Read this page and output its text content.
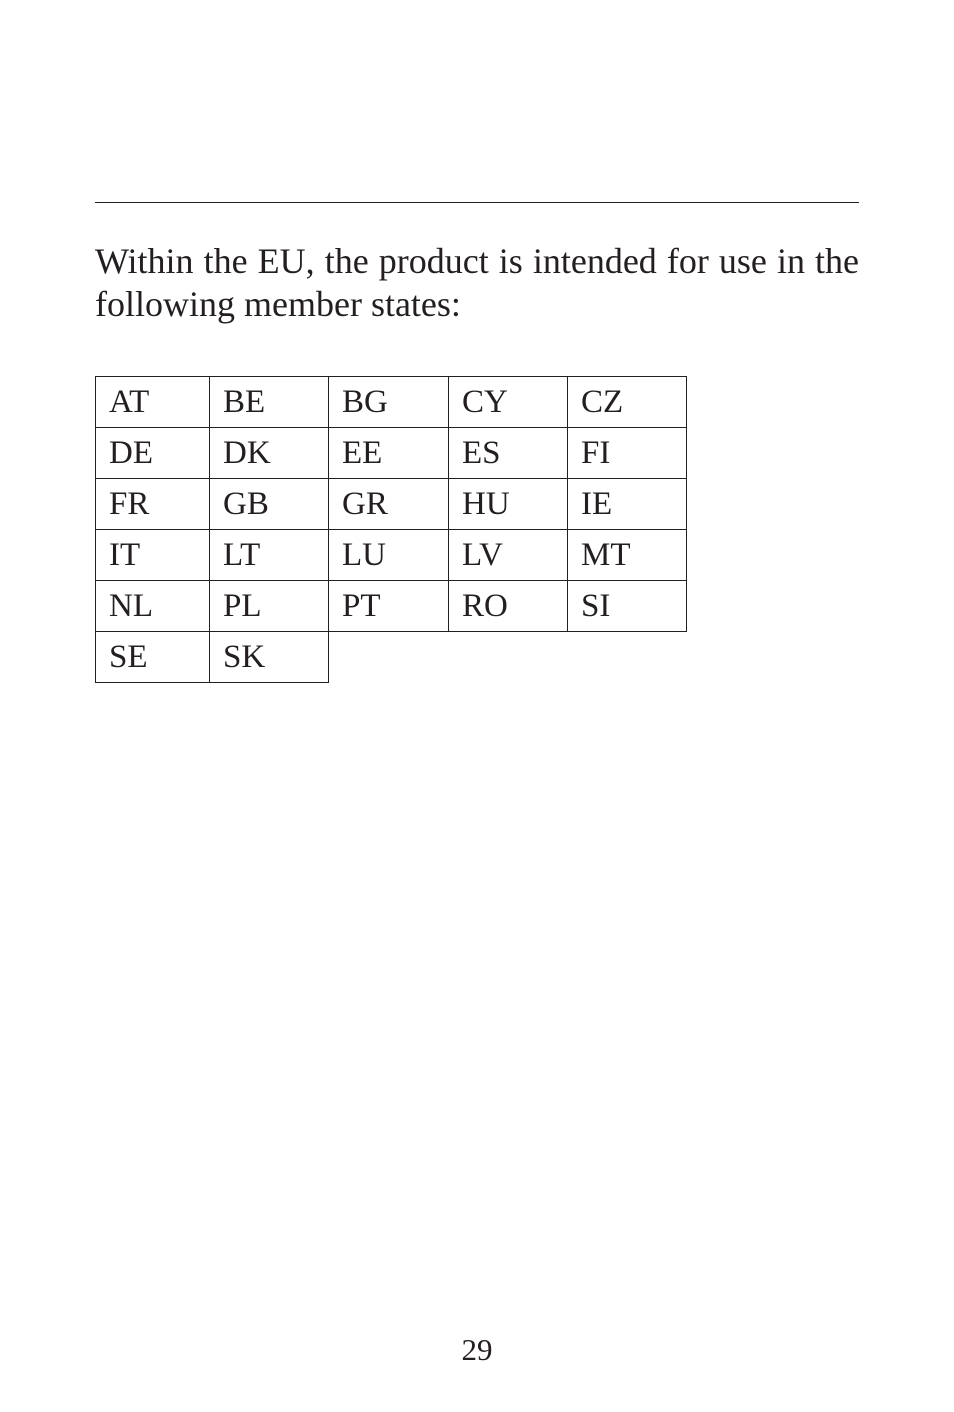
Within the EU, the product is intended for use in the following member states:

AT	BE	BG	CY	CZ
DE	DK	EE	ES	FI
FR	GB	GR	HU	IE
IT	LT	LU	LV	MT
NL	PL	PT	RO	SI
SE	SK			
29
